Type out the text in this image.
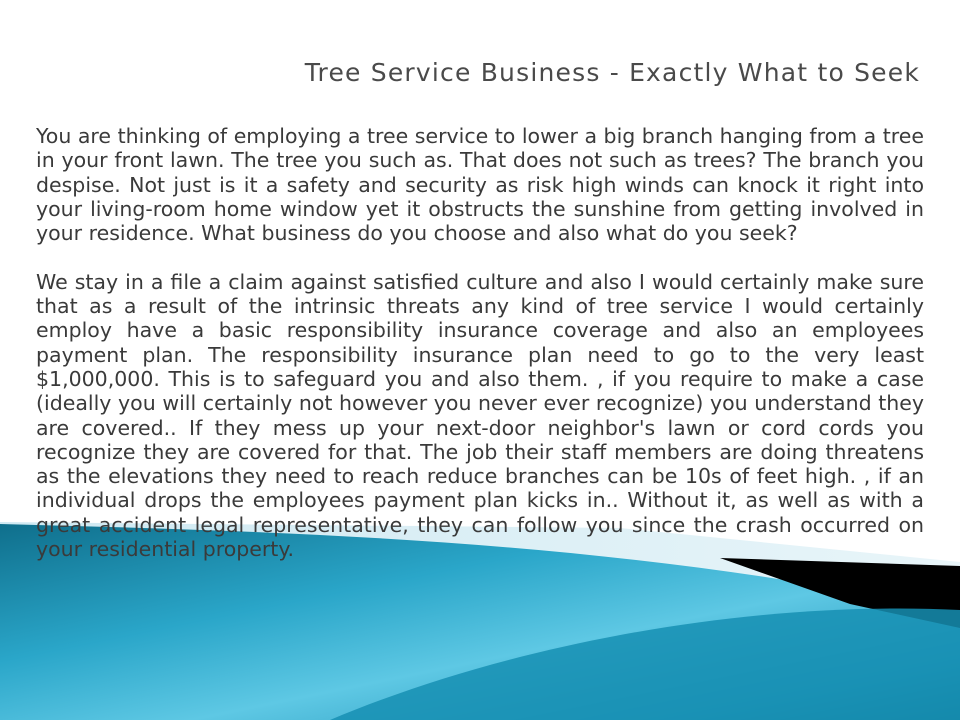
Tree Service Business - Exactly What to Seek

You are thinking of employing a tree service to lower a big branch hanging from a tree in your front lawn. The tree you such as. That does not such as trees? The branch you despise. Not just is it a safety and security as risk high winds can knock it right into your living-room home window yet it obstructs the sunshine from getting involved in your residence. What business do you choose and also what do you seek?

We stay in a file a claim against satisfied culture and also I would certainly make sure that as a result of the intrinsic threats any kind of tree service I would certainly employ have a basic responsibility insurance coverage and also an employees payment plan. The responsibility insurance plan need to go to the very least $1,000,000. This is to safeguard you and also them. , if you require to make a case (ideally you will certainly not however you never ever recognize) you understand they are covered.. If they mess up your next-door neighbor's lawn or cord cords you recognize they are covered for that. The job their staff members are doing threatens as the elevations they need to reach reduce branches can be 10s of feet high. , if an individual drops the employees payment plan kicks in.. Without it, as well as with a great accident legal representative, they can follow you since the crash occurred on your residential property.
